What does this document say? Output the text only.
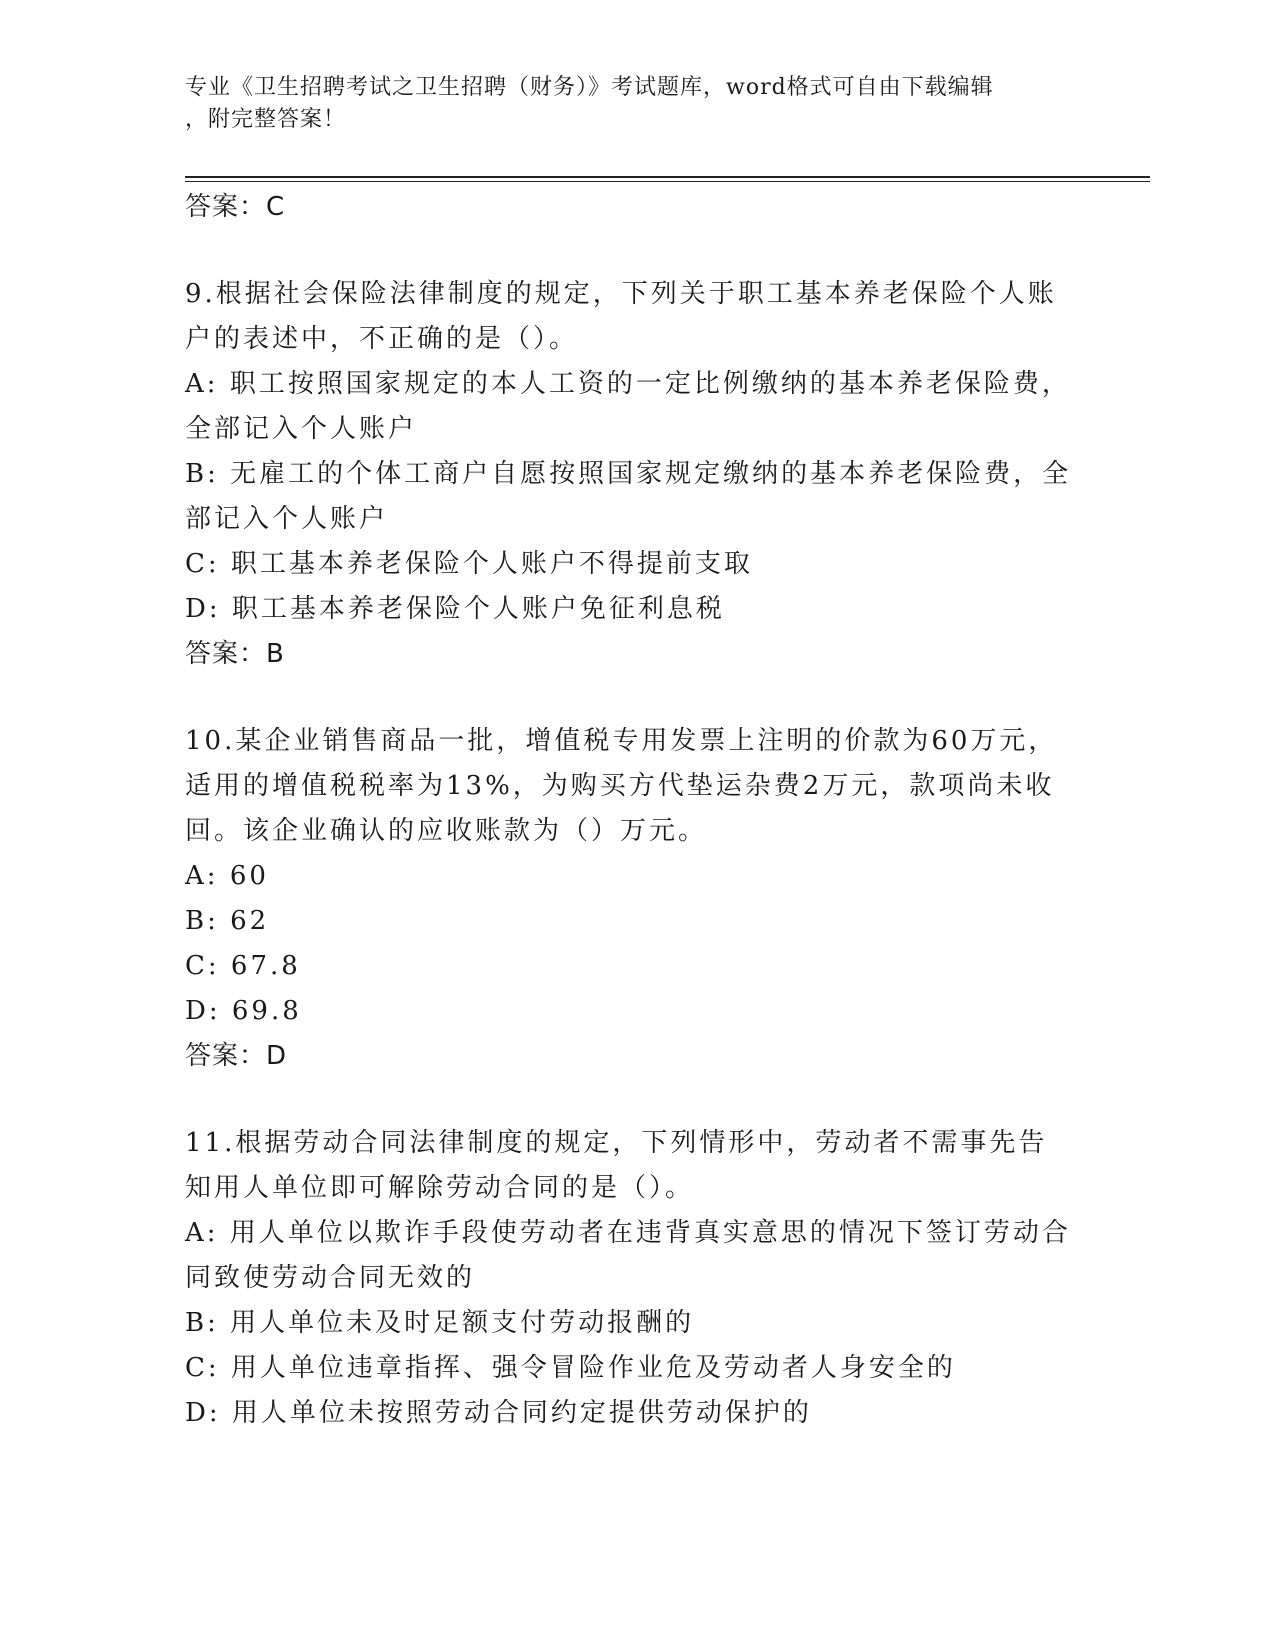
专业《卫生招聘考试之卫生招聘（财务）》考试题库，word格式可自由下载编辑
，附完整答案！

答案：C

9.根据社会保险法律制度的规定，下列关于职工基本养老保险个人账户的表述中，不正确的是（）。

A: 职工按照国家规定的本人工资的一定比例缴纳的基本养老保险费，全部记入个人账户

B: 无雇工的个体工商户自愿按照国家规定缴纳的基本养老保险费，全部记入个人账户

C: 职工基本养老保险个人账户不得提前支取

D: 职工基本养老保险个人账户免征利息税

答案：B

10.某企业销售商品一批，增值税专用发票上注明的价款为60万元，适用的增值税税率为13%，为购买方代垫运杂费2万元，款项尚未收回。该企业确认的应收账款为（）万元。

A: 60

B: 62

C: 67.8

D: 69.8

答案：D

11.根据劳动合同法律制度的规定，下列情形中，劳动者不需事先告知用人单位即可解除劳动合同的是（）。

A: 用人单位以欺诈手段使劳动者在违背真实意思的情况下签订劳动合同致使劳动合同无效的

B: 用人单位未及时足额支付劳动报酬的

C: 用人单位违章指挥、强令冒险作业危及劳动者人身安全的

D: 用人单位未按照劳动合同约定提供劳动保护的
